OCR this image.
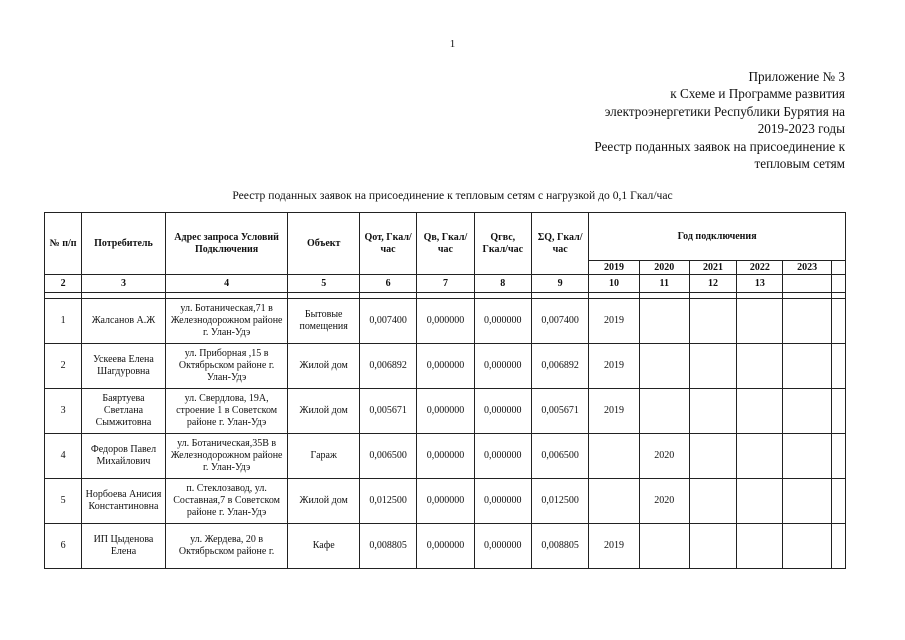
1
Приложение № 3
к Схеме и Программе развития
электроэнергетики Республики Бурятия на
2019-2023 годы
Реестр поданных заявок на присоединение к
тепловым сетям
Реестр поданных заявок на присоединение к тепловым сетям с нагрузкой до 0,1 Гкал/час
№ п/п	Потребитель	Адрес запроса Условий Подключения	Объект	Qот, Гкал/час	Qв, Гкал/час	Qгвс, Гкал/час	ΣQ, Гкал/час	Год подключения					
								2019	2020	2021	2022	2023	
2	3	4	5	6	7	8	9	10	11	12	13		

1	Жалсанов А.Ж	ул. Ботаническая,71 в Железнодорожном районе г. Улан-Удэ	Бытовые помещения	0,007400	0,000000	0,000000	0,007400	2019					
2	Ускеева Елена Шагдуровна	ул. Приборная ,15 в Октябрьском районе г. Улан-Удэ	Жилой дом	0,006892	0,000000	0,000000	0,006892	2019					
3	Баяртуева Светлана Сымжитовна	ул. Свердлова, 19А, строение 1 в Советском районе г. Улан-Удэ	Жилой дом	0,005671	0,000000	0,000000	0,005671	2019					
4	Федоров Павел Михайлович	ул. Ботаническая,35В в Железнодорожном районе г. Улан-Удэ	Гараж	0,006500	0,000000	0,000000	0,006500		2020				
5	Норбоева Анисия Константиновна	п. Стеклозавод, ул. Составная,7 в Советском районе г. Улан-Удэ	Жилой дом	0,012500	0,000000	0,000000	0,012500		2020				
6	ИП Цыденова Елена	ул. Жердева, 20 в Октябрьском районе г.	Кафе	0,008805	0,000000	0,000000	0,008805	2019					
